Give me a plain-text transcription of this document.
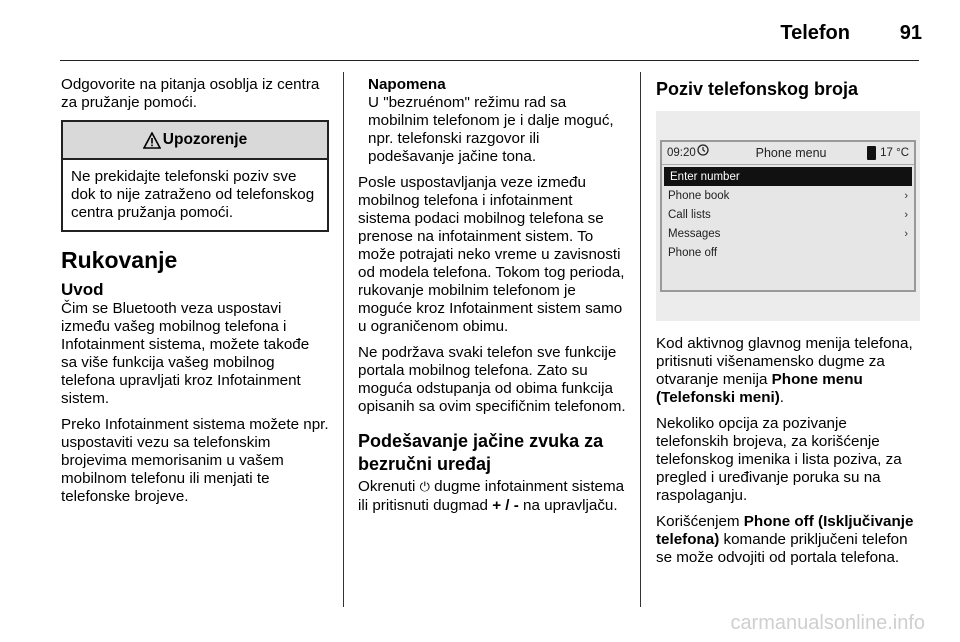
Telefon	91

Odgovorite na pitanja osoblja iz centra za pružanje pomoći.

Upozorenje
Ne prekidajte telefonski poziv sve dok to nije zatraženo od telefonskog centra pružanja pomoći.
Rukovanje
Uvod

Čim se Bluetooth veza uspostavi između vašeg mobilnog telefona i Infotainment sistema, možete takođe sa više funkcija vašeg mobilnog telefona upravljati kroz Infotainment sistem.

Preko Infotainment sistema možete npr. uspostaviti vezu sa telefonskim brojevima memorisanim u vašem mobilnom telefonu ili menjati te telefonske brojeve.

Napomena
U "bezruénom" režimu rad sa mobilnim telefonom je i dalje moguć, npr. telefonski razgovor ili podešavanje jačine tona.

Posle uspostavljanja veze između mobilnog telefona i infotainment sistema podaci mobilnog telefona se prenose na infotainment sistem. To može potrajati neko vreme u zavisnosti od modela telefona. Tokom tog perioda, rukovanje mobilnim telefonom je moguće kroz Infotainment sistem samo u ograničenom obimu.

Ne podržava svaki telefon sve funkcije portala mobilnog telefona. Zato su moguća odstupanja od obima funkcija opisanih sa ovim specifičnim telefonom.

Podešavanje jačine zvuka za bezručni uređaj

Okrenuti ⏻ dugme infotainment sistema ili pritisnuti dugmad + / - na upravljaču.

Poziv telefonskog broja
09:20	Phone menu	17 °C
Enter number
Phone book	›
Call lists	›
Messages	›
Phone off

Kod aktivnog glavnog menija telefona, pritisnuti višenamensko dugme za otvaranje menija Phone menu (Telefonski meni).

Nekoliko opcija za pozivanje telefonskih brojeva, za korišćenje telefonskog imenika i lista poziva, za pregled i uređivanje poruka su na raspolaganju.

Korišćenjem Phone off (Isključivanje telefona) komande priključeni telefon se može odvojiti od portala telefona.

carmanualsonline.info
